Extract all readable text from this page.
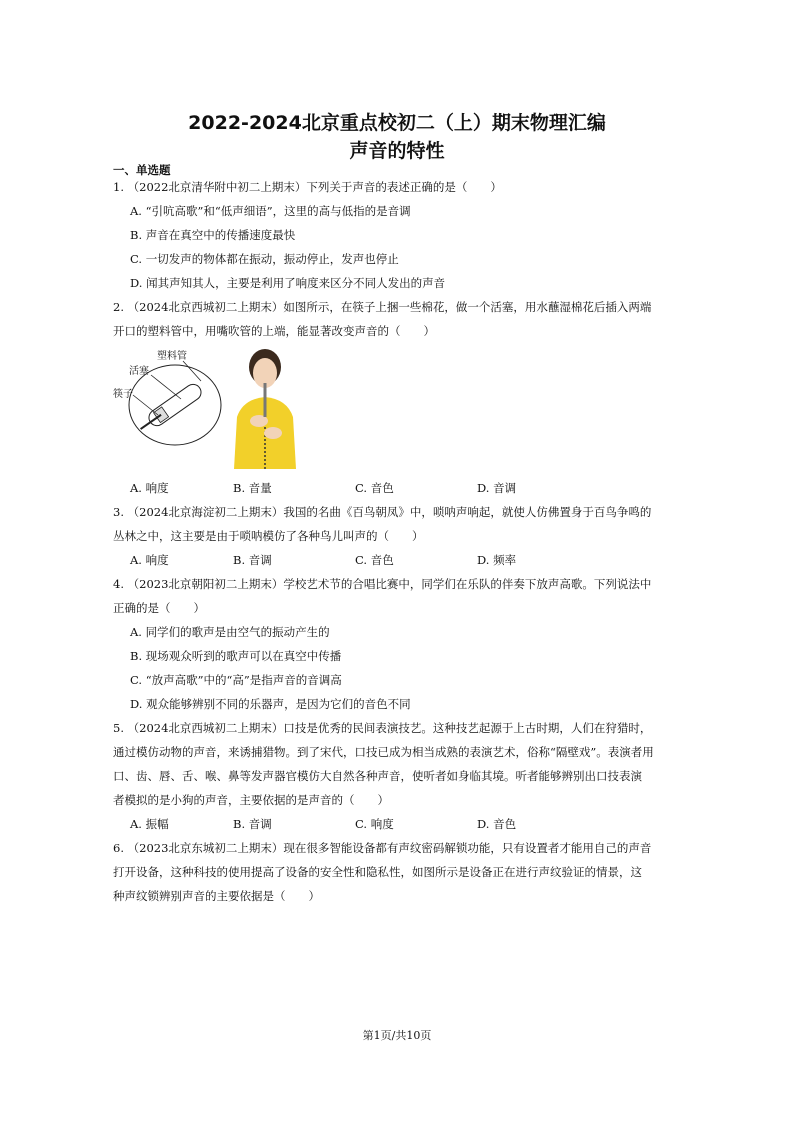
2022-2024北京重点校初二（上）期末物理汇编
声音的特性
一、单选题
1. （2022北京清华附中初二上期末）下列关于声音的表述正确的是（　　）
A. “引吭高歌”和“低声细语”，这里的高与低指的是音调
B. 声音在真空中的传播速度最快
C. 一切发声的物体都在振动，振动停止，发声也停止
D. 闻其声知其人，主要是利用了响度来区分不同人发出的声音
2. （2024北京西城初二上期末）如图所示，在筷子上捆一些棉花，做一个活塞，用水蘸湿棉花后插入两端
开口的塑料管中，用嘴吹管的上端，能显著改变声音的（　　）
塑料管
活塞
筷子
A. 响度	B. 音量	C. 音色	D. 音调
3. （2024北京海淀初二上期末）我国的名曲《百鸟朝凤》中，唢呐声响起，就使人仿佛置身于百鸟争鸣的
丛林之中，这主要是由于唢呐模仿了各种鸟儿叫声的（　　）
A. 响度	B. 音调	C. 音色	D. 频率
4. （2023北京朝阳初二上期末）学校艺术节的合唱比赛中，同学们在乐队的伴奏下放声高歌。下列说法中
正确的是（　　）
A. 同学们的歌声是由空气的振动产生的
B. 现场观众听到的歌声可以在真空中传播
C. “放声高歌”中的“高”是指声音的音调高
D. 观众能够辨别不同的乐器声，是因为它们的音色不同
5. （2024北京西城初二上期末）口技是优秀的民间表演技艺。这种技艺起源于上古时期，人们在狩猎时，
通过模仿动物的声音，来诱捕猎物。到了宋代，口技已成为相当成熟的表演艺术，俗称“隔壁戏”。表演者用
口、齿、唇、舌、喉、鼻等发声器官模仿大自然各种声音，使听者如身临其境。听者能够辨别出口技表演
者模拟的是小狗的声音，主要依据的是声音的（　　）
A. 振幅	B. 音调	C. 响度	D. 音色
6. （2023北京东城初二上期末）现在很多智能设备都有声纹密码解锁功能，只有设置者才能用自己的声音
打开设备，这种科技的使用提高了设备的安全性和隐私性，如图所示是设备正在进行声纹验证的情景，这
种声纹锁辨别声音的主要依据是（　　）
第1页/共10页
